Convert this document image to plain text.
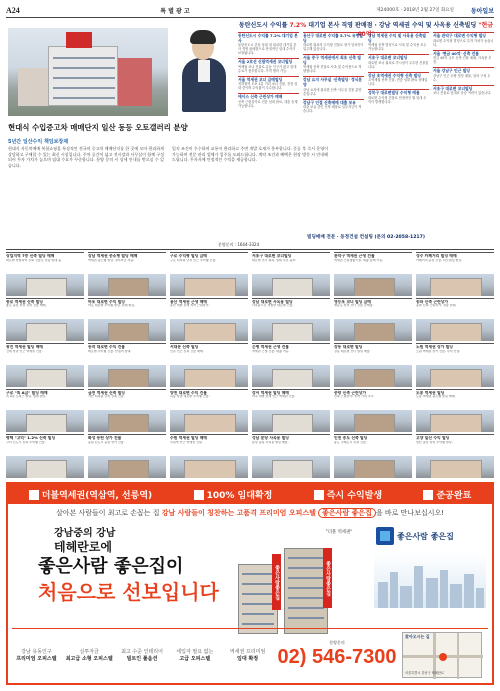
A24	특 별 광 고	제24000호 · 2018년 2월 27일 화요일	동아일보
현대식 수입증고차 매매단지 일산 동등 오토갤러리 분양
5년간 일산수익 책임보장제
현대식 자동차매매 복합쇼핑몰 특징적인 전국의 중고차 매매단지를 한 곳에 모아 편리하게 상담하고 구매할 수 있는 최신 시설입니다. 주차 공간이 넓고 전시장과 사무실이 함께 구성되어 투자 가치가 높으며 임대 수요가 꾸준합니다. 분양 문의 시 상세 안내를 받으실 수 있습니다.
입지 조건이 우수하며 교통이 편리하고 주변 개발 호재가 풍부합니다. 준공 후 즉시 운영이 가능하며 전문 관리 업체가 입주를 도와드립니다. 계약 조건과 혜택은 현장 방문 시 안내해 드립니다. 투자자께 안정적인 수익을 제공합니다.
분양문의 : 1644-3324
동탄신도시 수익률 7.2% 대기업 본사 직영 판매점 · 강남 역세권 수익 및 사옥용 신축빌딩 "현금 40억"
동탄신도시 수익률 7.2% 대기업 본사
동탄신도시 중심 상권 내 위치한 대기업 본사 직영 판매점으로 안정적인 임대 수익이 보장됩니다.
서울 2호선 신림역세권 코너빌딩
역세권 코너 건물로 유동 인구가 많고 임대 수요가 풍부합니다. 가격 협의 가능.
서울 역세권 코너 급매빌딩
지하철역 도보 1분 거리 코너 건물, 전층 임대 중이며 수익률이 우수합니다.
에이스 신축 근린상가 매매
신축 근린상가로 전층 임대 완료, 대출 승계 가능합니다.
용산구 대로변 수익률 5.7% 유명빌딩
대로변 위치의 수익형 건물로 장기 임차인이 입주해 있습니다.
서울 중구 역세권에서 최초 신축 빌딩
역세권 신축 건물로 사옥 및 수익용으로 적합합니다.
강남 요지 사무실 '신축빌딩' 정식분양
강남 요지에 위치한 신축 사무실 건물 분양 중입니다.
강남구 인접 신축매매 대출 보유
대출 보유 중인 신축 매물로 실투자금이 적습니다.
강남 역세권 수익 및 사옥용 신축빌딩
역세권 신축 빌딩으로 사옥 및 수익용 모두 가능합니다.
서초구 대로변 코너빌딩
대로변 코너 위치로 가시성이 우수한 건물입니다.
강남 초역세권 수익형 신축 빌딩
초역세권 신축 건물, 전층 임대 완료 상태입니다.
성북구 대로변빌딩 수익형 매물
대로변 수익형 건물로 안정적인 월 임대 수익이 발생합니다.
서울 관악구 대로변 수익형 빌딩
대로변 수익형 빌딩으로 투자 가치가 높습니다.
서울 '현금 40억' 신축 건물
현금 40억 규모 신축 건물 매매, 사옥용 추천.
서울 강남구 인근 빌딩
강남구 인근 우량 빌딩 매물, 임차 구성 우수.
서초구 대로변 코너빌딩
코너 건물로 임대료 상승 여력이 있습니다.
빌딩매매 전문 · 동정건설 컨설팅 (문의 02-2058-1217)
상업지역 7층 신축 빌딩 매매
대로변 상업지역 신축 건물로 전층 임대 중.
강남 역세권 중소형 빌딩 매매
역세권 중소형 빌딩, 실투자금 적음.
구로 수익형 빌딩 급매
구로 디지털 단지 인근 수익형 건물.
서초구 대로변 코너빌딩
대로변 코너 위치, 임대 수요 풍부.
관악구 역세권 근생 건물
역세권 근린생활시설, 대출 승계 가능.
성수 카페거리 빌딩 매매
카페거리 중심 건물, 리모델링 완료.
종로 역세권 신축 빌딩
종로 중심 상권 신축 건물 매매.
마포 대로변 수익 빌딩
마포 대로변 수익형 빌딩, 임대 완료.
용산 역세권 근생 매매
용산 개발 호재 지역 근린상가.
강남 대로변 사옥용 빌딩
사옥용으로 적합한 대로변 건물.
영등포 코너 빌딩 급매
영등포 상권 코너 건물 급매물.
송파 신축 근린상가
송파 신축 근린상가, 전층 임대.
광진 역세권 빌딩 매매
건대 상권 인근 역세권 건물.
동작 대로변 수익 건물
대로변 수익형 건물, 안정적 임대.
서대문 신축 빌딩
신촌 인근 신축 건물 매매.
은평 역세권 근생 건물
역세권 근생 건물, 대출 가능.
강동 대로변 빌딩
강동 대로변 코너 빌딩 매물.
노원 역세권 상가 빌딩
노원 역세권 상가 건물, 수익 안정.
구로 "특 A급" 빌딩 매매
특 A급 오피스 빌딩, 임대 완료.
금천 역세권 신축 빌딩
가산 디지털 단지 신축 건물.
양천 대로변 수익 건물
목동 상권 대로변 수익형 건물.
강서 역세권 빌딩 매매
마곡 개발 호재 인근 역세권 건물.
중랑 신축 근린상가
신축 근린상가, 투자 가치 우수.
도봉 역세권 빌딩
도봉 역세권 중소형 빌딩 매매.
평택 "고덕" 1.2% 신축 빌딩
고덕 신도시 신축 수익형 건물.
화성 동탄 상가 건물
동탄 신도시 중심 상가 건물.
수원 역세권 빌딩 매매
수원역 인근 역세권 건물.
성남 분당 사옥용 빌딩
분당 중심 사옥용 빌딩 매물.
인천 송도 신축 빌딩
송도 국제도시 신축 건물.
고양 일산 수익 빌딩
일산 중심 상권 수익형 빌딩.
더블역세권(역삼역, 선릉역)	100% 임대확정	즉시 수익발생	준공완료
살아본 사람들이 최고로 손꼽는 집 강남 사람들이 칭찬하는 고품격 프리미엄 오피스텔 좋은사람 좋은집 을 바로 만나보십시오!
강남중의 강남
테헤란로에
좋은사람 좋은집이
처음으로 선보입니다
"더블 역세권"
좋은사람좋은집	좋은사람좋은집
좋은사람 좋은집
강남 유동인구
프리미엄 오피스텔
실투자금
최고급 소형 오피스텔
최고 수준 인테리어
빌트인 풀옵션
세입자 필요 없는
고급 오피스텔
역세권 프리미엄
임대 확정
분양문의
02) 546-7300
찾아오시는 길
서울특별시 강남구 테헤란로
